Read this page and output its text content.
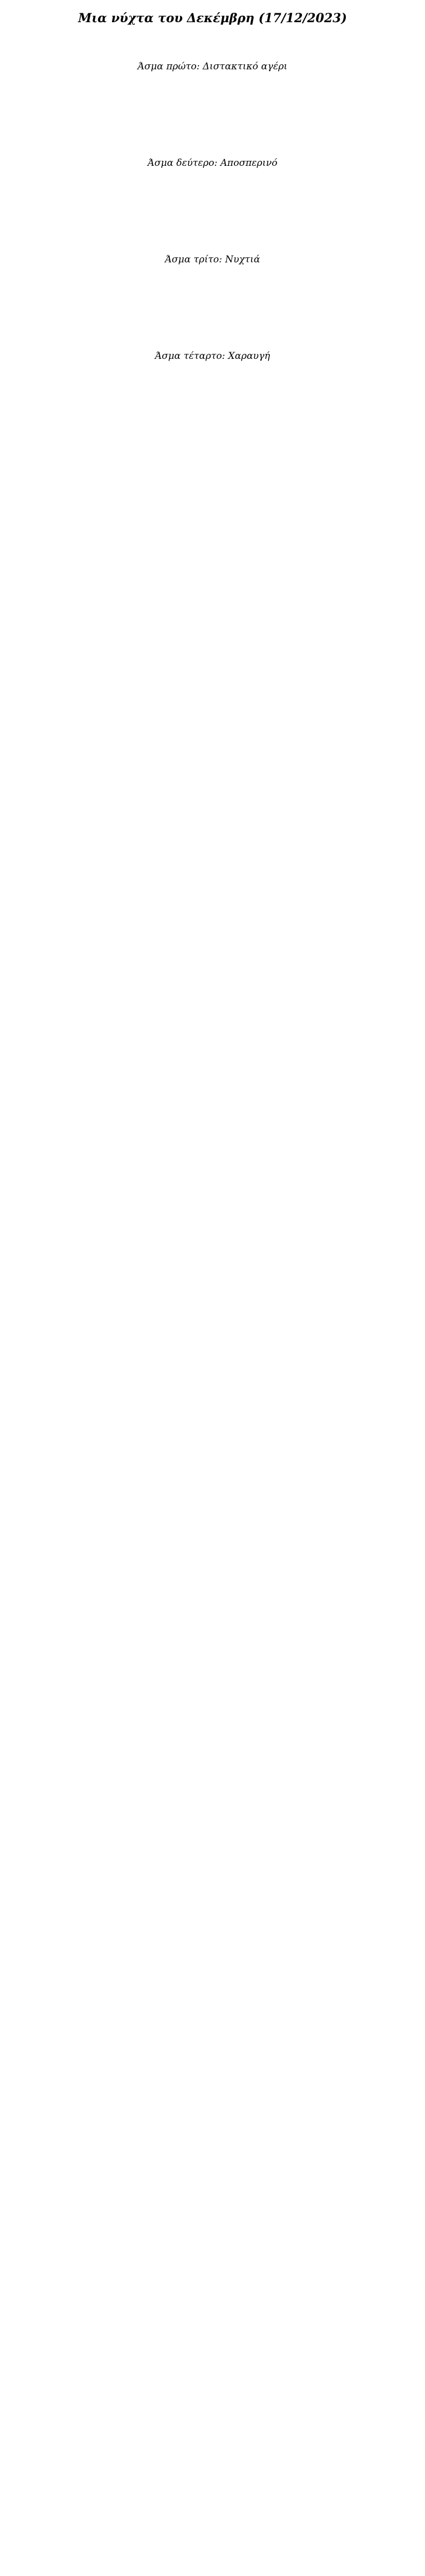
Μια νύχτα του Δεκέμβρη (17/12/2023)
Άσμα πρώτο: Διστακτικό αγέρι
Άσμα δεύτερο: Αποσπερινό
Άσμα τρίτο: Νυχτιά
Άσμα τέταρτο: Χαραυγή
